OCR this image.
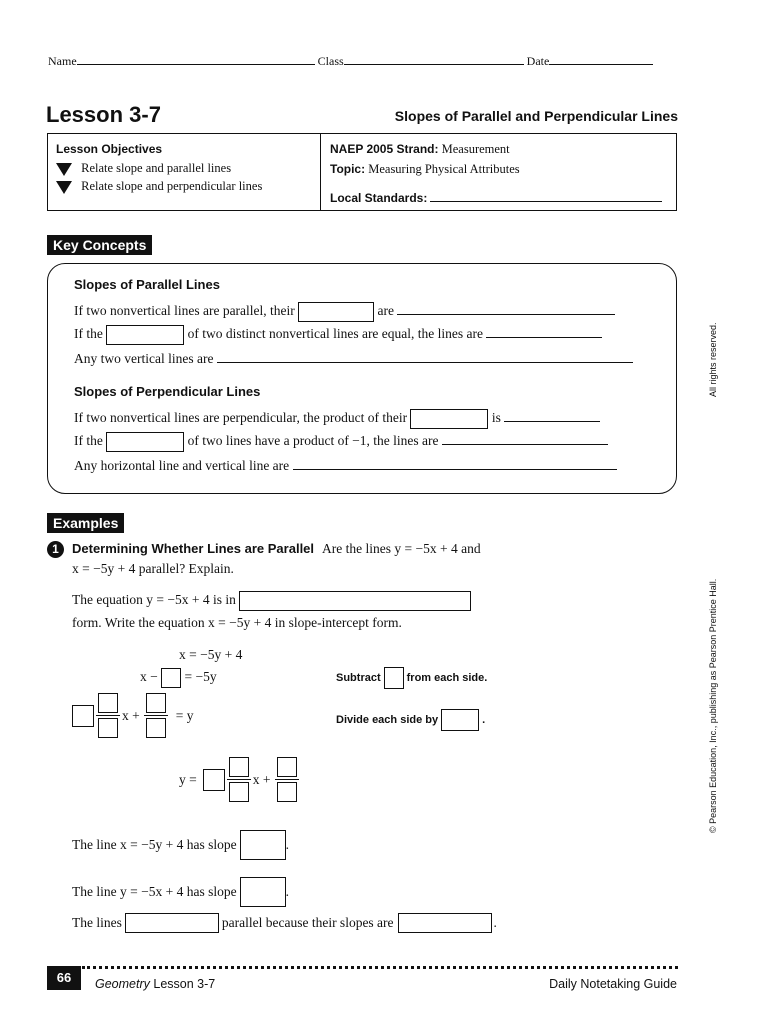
Name	Class	Date
Lesson 3-7	Slopes of Parallel and Perpendicular Lines
Lesson Objectives
Relate slope and parallel lines
Relate slope and perpendicular lines
NAEP 2005 Strand: Measurement
Topic: Measuring Physical Attributes
Local Standards:
Key Concepts
Slopes of Parallel Lines
If two nonvertical lines are parallel, their	are
If the	of two distinct nonvertical lines are equal, the lines are
Any two vertical lines are
Slopes of Perpendicular Lines
If two nonvertical lines are perpendicular, the product of their	is
If the	of two lines have a product of −1, the lines are
Any horizontal line and vertical line are
Examples
1 Determining Whether Lines are Parallel Are the lines y = −5x + 4 and
x = −5y + 4 parallel? Explain.
The equation y = −5x + 4 is in
form. Write the equation x = −5y + 4 in slope-intercept form.
x = −5y + 4
x − = −5y
x +	= y
y =	x +
Subtract from each side.
Divide each side by	.
The line x = −5y + 4 has slope	.
The line y = −5x + 4 has slope	.
The lines	parallel because their slopes are	.
All rights reserved.
© Pearson Education, Inc., publishing as Pearson Prentice Hall.
66	Geometry Lesson 3-7	Daily Notetaking Guide
